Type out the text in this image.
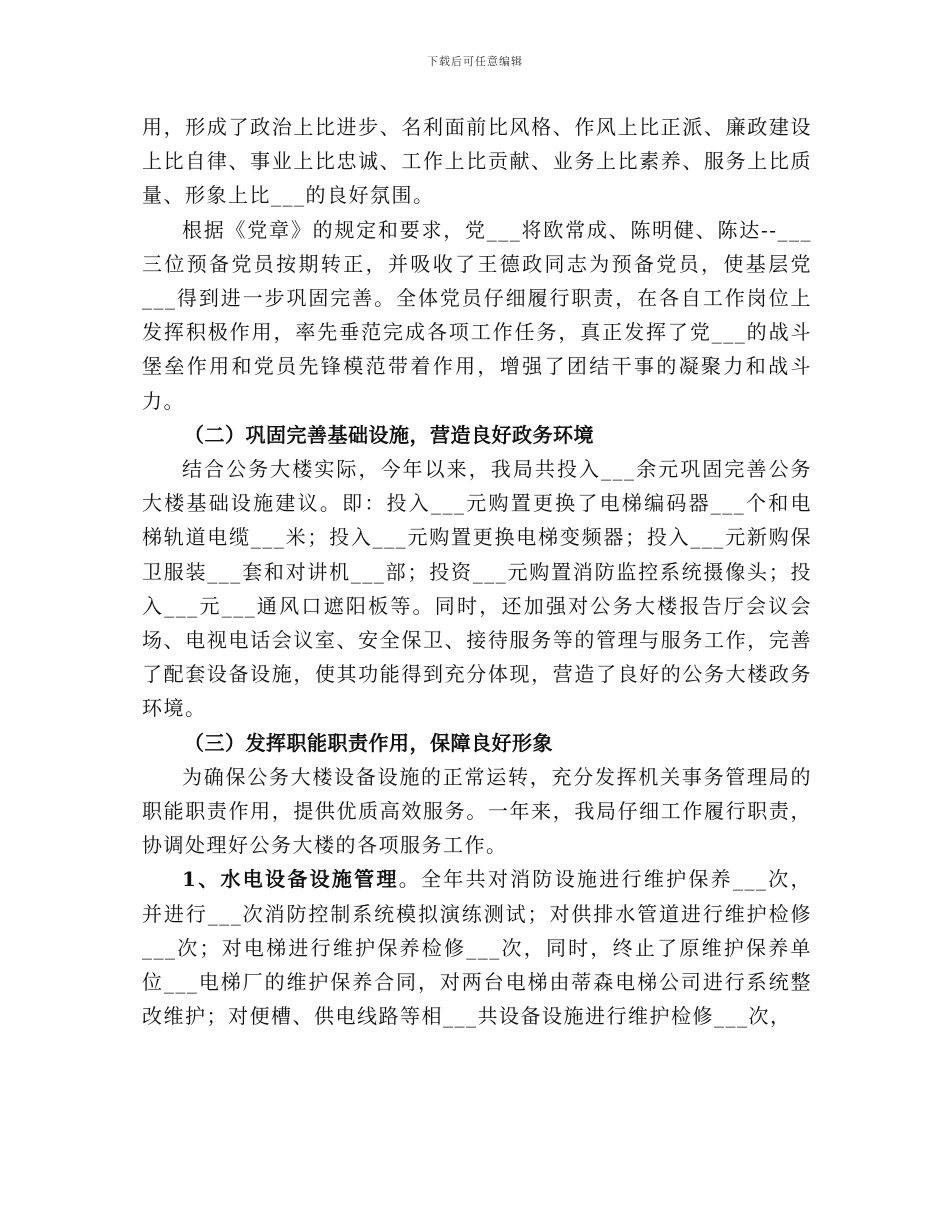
下载后可任意编辑

用，形成了政治上比进步、名利面前比风格、作风上比正派、廉政建设上比自律、事业上比忠诚、工作上比贡献、业务上比素养、服务上比质量、形象上比___的良好氛围。

根据《党章》的规定和要求，党___将欧常成、陈明健、陈达--___三位预备党员按期转正，并吸收了王德政同志为预备党员，使基层党___得到进一步巩固完善。全体党员仔细履行职责，在各自工作岗位上发挥积极作用，率先垂范完成各项工作任务，真正发挥了党___的战斗堡垒作用和党员先锋模范带着作用，增强了团结干事的凝聚力和战斗力。

（二）巩固完善基础设施，营造良好政务环境

结合公务大楼实际，今年以来，我局共投入___余元巩固完善公务大楼基础设施建议。即：投入___元购置更换了电梯编码器___个和电梯轨道电缆___米；投入___元购置更换电梯变频器；投入___元新购保卫服装___套和对讲机___部；投资___元购置消防监控系统摄像头；投入___元___通风口遮阳板等。同时，还加强对公务大楼报告厅会议会场、电视电话会议室、安全保卫、接待服务等的管理与服务工作，完善了配套设备设施，使其功能得到充分体现，营造了良好的公务大楼政务环境。

（三）发挥职能职责作用，保障良好形象

为确保公务大楼设备设施的正常运转，充分发挥机关事务管理局的职能职责作用，提供优质高效服务。一年来，我局仔细工作履行职责，协调处理好公务大楼的各项服务工作。

1、水电设备设施管理。全年共对消防设施进行维护保养___次，并进行___次消防控制系统模拟演练测试；对供排水管道进行维护检修___次；对电梯进行维护保养检修___次，同时，终止了原维护保养单位___电梯厂的维护保养合同，对两台电梯由蒂森电梯公司进行系统整改维护；对便槽、供电线路等相___共设备设施进行维护检修___次，
